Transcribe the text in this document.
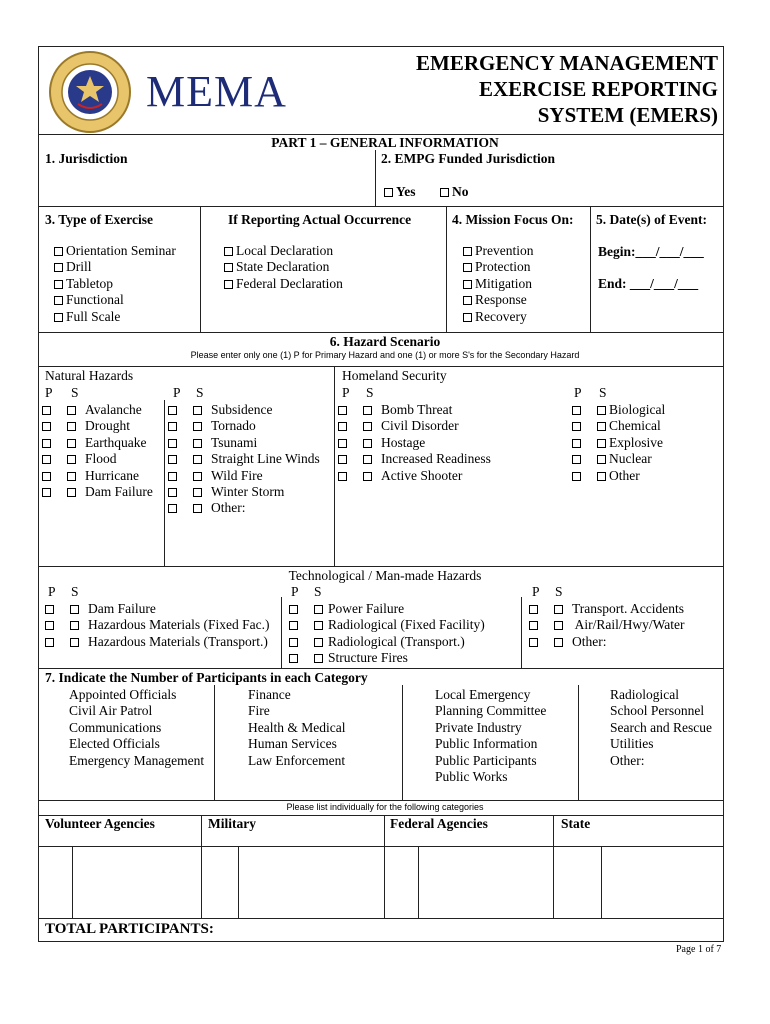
MEMA
EMERGENCY MANAGEMENT
EXERCISE REPORTING
SYSTEM (EMERS)
PART 1 – GENERAL INFORMATION
1. Jurisdiction	2. EMPG Funded Jurisdiction
Yes	No
3. Type of Exercise
Orientation Seminar
Drill
Tabletop
Functional
Full Scale
If Reporting Actual Occurrence
Local Declaration
State Declaration
Federal Declaration
4. Mission Focus On:
Prevention
Protection
Mitigation
Response
Recovery
5. Date(s) of Event:
Begin:___/___/___
End: ___/___/___
6. Hazard Scenario
Please enter only one (1) P for Primary Hazard and one (1) or more S's for the Secondary Hazard
Natural Hazards	Homeland Security
P S	P S	P S	P S
Avalanche
Drought
Earthquake
Flood
Hurricane
Dam Failure
Subsidence
Tornado
Tsunami
Straight Line Winds
Wild Fire
Winter Storm
Other:
Bomb Threat
Civil Disorder
Hostage
Increased Readiness
Active Shooter
Biological
Chemical
Explosive
Nuclear
Other
Technological / Man-made Hazards
P S	P S	P S
Dam Failure
Hazardous Materials (Fixed Fac.)
Hazardous Materials (Transport.)
Power Failure
Radiological (Fixed Facility)
Radiological (Transport.)
Structure Fires
Transport. Accidents
Air/Rail/Hwy/Water
Other:
7. Indicate the Number of Participants in each Category
Appointed Officials
Civil Air Patrol
Communications
Elected Officials
Emergency Management
Finance
Fire
Health & Medical
Human Services
Law Enforcement
Local Emergency
Planning Committee
Private Industry
Public Information
Public Participants
Public Works
Radiological
School Personnel
Search and Rescue
Utilities
Other:
Please list individually for the following categories
Volunteer Agencies	Military	Federal Agencies	State
TOTAL PARTICIPANTS:
Page 1 of 7
